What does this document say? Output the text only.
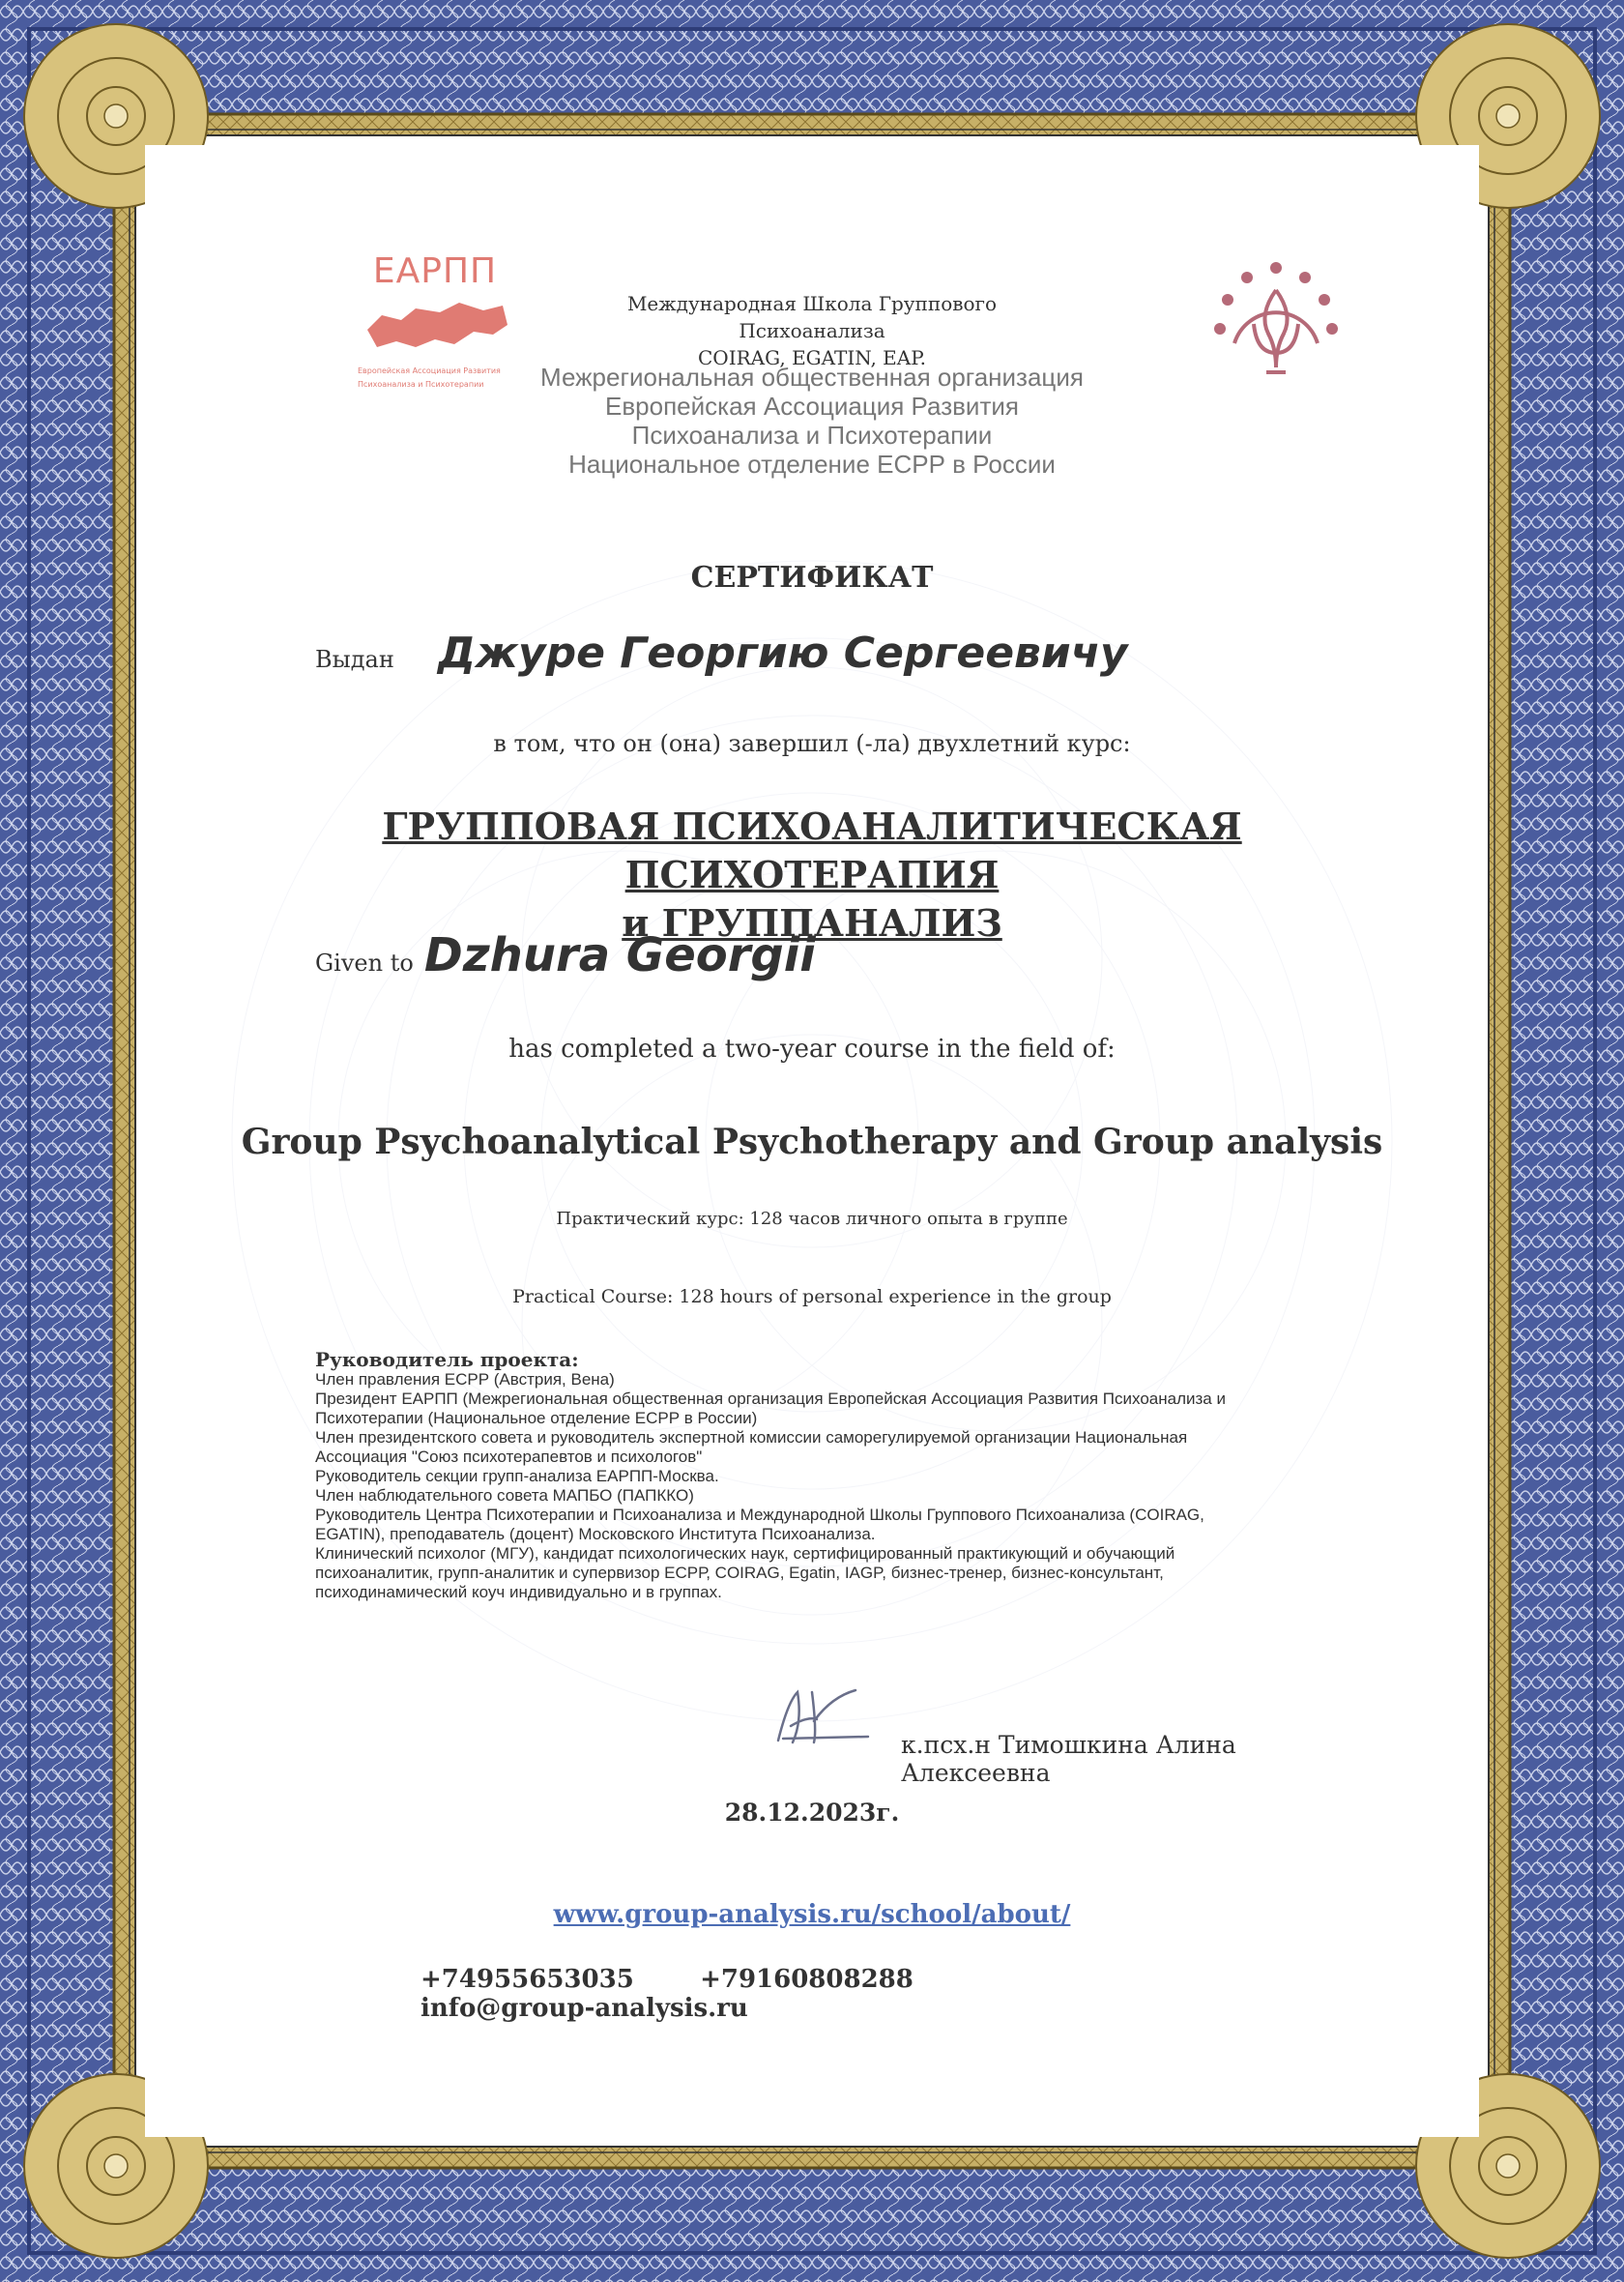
ЕАРПП
Европейская Ассоциация Развития
Психоанализа и Психотерапии
Международная Школа Группового Психоанализа
COIRAG, EGATIN, EAP.
Межрегиональная общественная организация
Европейская Ассоциация Развития
Психоанализа и Психотерапии
Национальное отделение ЕСРР в России
СЕРТИФИКАТ
Выдан Джуре Георгию Сергеевичу
в том, что он (она) завершил (-ла) двухлетний курс:
ГРУППОВАЯ ПСИХОАНАЛИТИЧЕСКАЯ ПСИХОТЕРАПИЯ
и ГРУППАНАЛИЗ
Given to Dzhura Georgii
has completed a two-year course in the field of:
Group Psychoanalytical Psychotherapy and Group analysis
Практический курс: 128 часов личного опыта в группе
Practical Course: 128 hours of personal experience in the group
Руководитель проекта:
Член правления ЕСРР (Австрия, Вена)
Президент ЕАРПП (Межрегиональная общественная организация Европейская Ассоциация Развития Психоанализа и
Психотерапии (Национальное отделение ЕСРР в России)
Член президентского совета и руководитель экспертной комиссии саморегулируемой организации Национальная
Ассоциация "Союз психотерапевтов и психологов"
Руководитель секции групп-анализа ЕАРПП-Москва.
Член наблюдательного совета МАПБО (ПАПККО)
Руководитель Центра Психотерапии и Психоанализа и Международной Школы Группового Психоанализа (COIRAG,
EGATIN), преподаватель (доцент) Московского Института Психоанализа.
Клинический психолог (МГУ), кандидат психологических наук, сертифицированный практикующий и обучающий
психоаналитик, групп-аналитик и супервизор ЕСРР, COIRAG, Egatin, IAGP, бизнес-тренер, бизнес-консультант,
психодинамический коуч индивидуально и в группах.
к.псх.н Тимошкина Алина Алексеевна
28.12.2023г.
www.group-analysis.ru/school/about/
+74955653035	+79160808288 info@group-analysis.ru
